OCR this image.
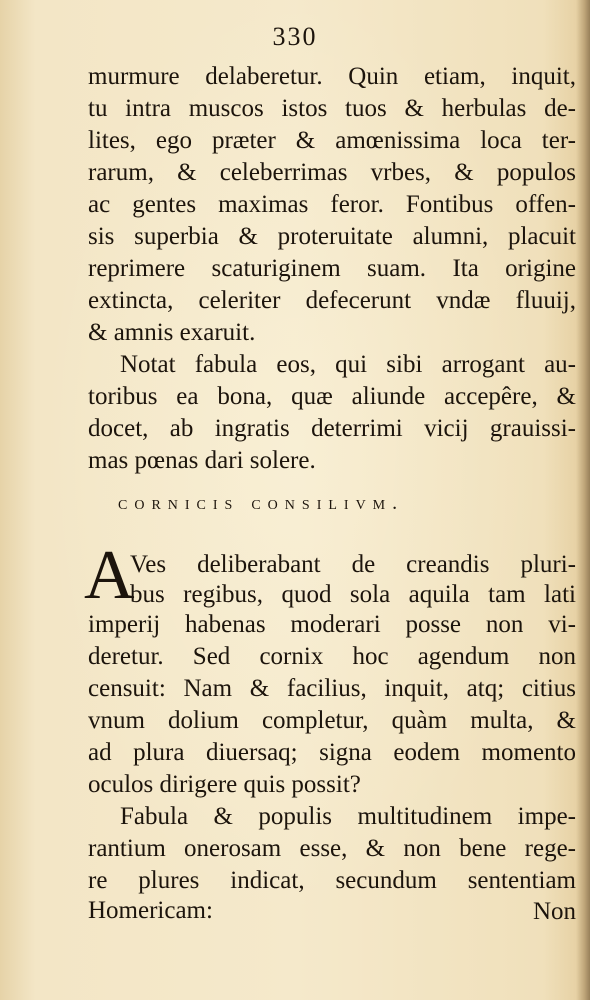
330
murmure delaberetur. Quin etiam, inquit,
tu intra muscos istos tuos & herbulas de-
lites, ego præter & amœnissima loca ter-
rarum, & celeberrimas vrbes, & populos
ac gentes maximas feror. Fontibus offen-
sis superbia & proteruitate alumni, placuit
reprimere scaturiginem suam. Ita origine
extincta, celeriter defecerunt vndæ fluuij,
& amnis exaruit.
Notat fabula eos, qui sibi arrogant au-
toribus ea bona, quæ aliunde accepêre, &
docet, ab ingratis deterrimi vicij grauissi-
mas pœnas dari solere.
cornicis consilivm.
A
Ves deliberabant de creandis pluri-
bus regibus, quod sola aquila tam lati
imperij habenas moderari posse non vi-
deretur. Sed cornix hoc agendum non
censuit: Nam & facilius, inquit, atq; citius
vnum dolium completur, quàm multa, &
ad plura diuersaq; signa eodem momento
oculos dirigere quis possit?
Fabula & populis multitudinem impe-
rantium onerosam esse, & non bene rege-
re plures indicat, secundum sententiam
Homericam:	Non
